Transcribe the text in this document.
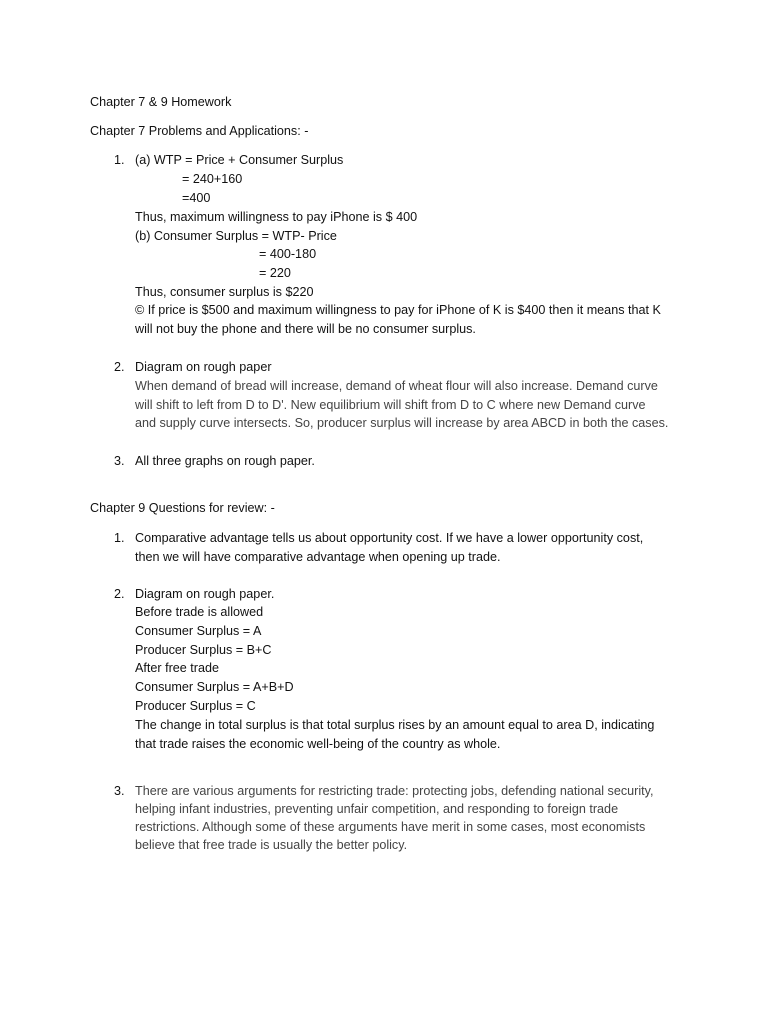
Chapter 7 & 9 Homework
Chapter 7 Problems and Applications: -
1. (a) WTP = Price + Consumer Surplus
= 240+160
=400
Thus, maximum willingness to pay iPhone is $ 400
(b) Consumer Surplus = WTP- Price
= 400-180
= 220
Thus, consumer surplus is $220
© If price is $500 and maximum willingness to pay for iPhone of K is $400 then it means that K
will not buy the phone and there will be no consumer surplus.
2. Diagram on rough paper
When demand of bread will increase, demand of wheat flour will also increase. Demand curve
will shift to left from D to D'. New equilibrium will shift from D to C where new Demand curve
and supply curve intersects. So, producer surplus will increase by area ABCD in both the cases.
3. All three graphs on rough paper.
Chapter 9 Questions for review: -
1. Comparative advantage tells us about opportunity cost. If we have a lower opportunity cost,
then we will have comparative advantage when opening up trade.
2. Diagram on rough paper.
Before trade is allowed
Consumer Surplus = A
Producer Surplus = B+C
After free trade
Consumer Surplus = A+B+D
Producer Surplus = C
The change in total surplus is that total surplus rises by an amount equal to area D, indicating
that trade raises the economic well-being of the country as whole.
3. There are various arguments for restricting trade: protecting jobs, defending national security,
helping infant industries, preventing unfair competition, and responding to foreign trade
restrictions. Although some of these arguments have merit in some cases, most economists
believe that free trade is usually the better policy.
